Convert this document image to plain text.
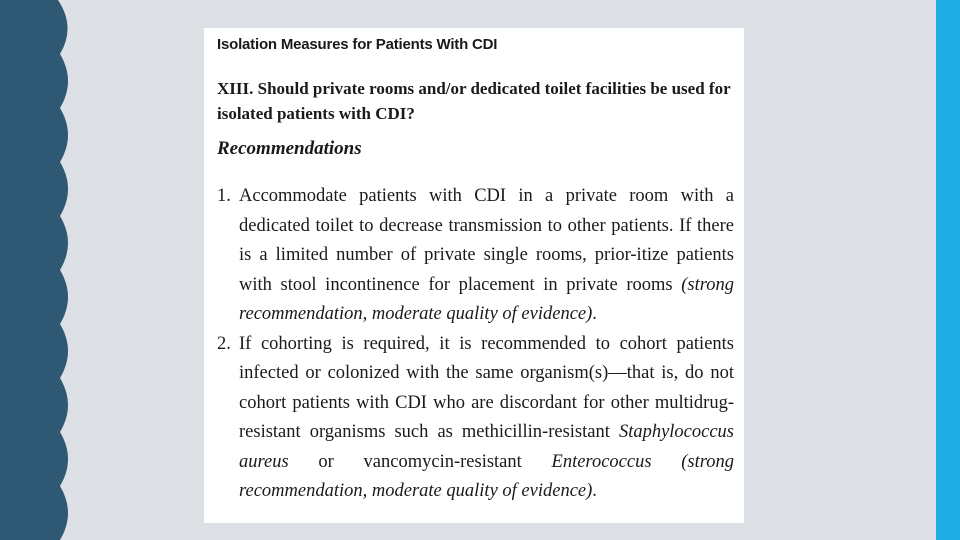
Isolation Measures for Patients With CDI

XIII. Should private rooms and/or dedicated toilet facilities be used for isolated patients with CDI?

Recommendations

1. Accommodate patients with CDI in a private room with a dedicated toilet to decrease transmission to other patients. If there is a limited number of private single rooms, prior-itize patients with stool incontinence for placement in private rooms (strong recommendation, moderate quality of evidence).
2. If cohorting is required, it is recommended to cohort patients infected or colonized with the same organism(s)—that is, do not cohort patients with CDI who are discordant for other multidrug-resistant organisms such as methicillin-resistant Staphylococcus aureus or vancomycin-resistant Enterococcus (strong recommendation, moderate quality of evidence).
